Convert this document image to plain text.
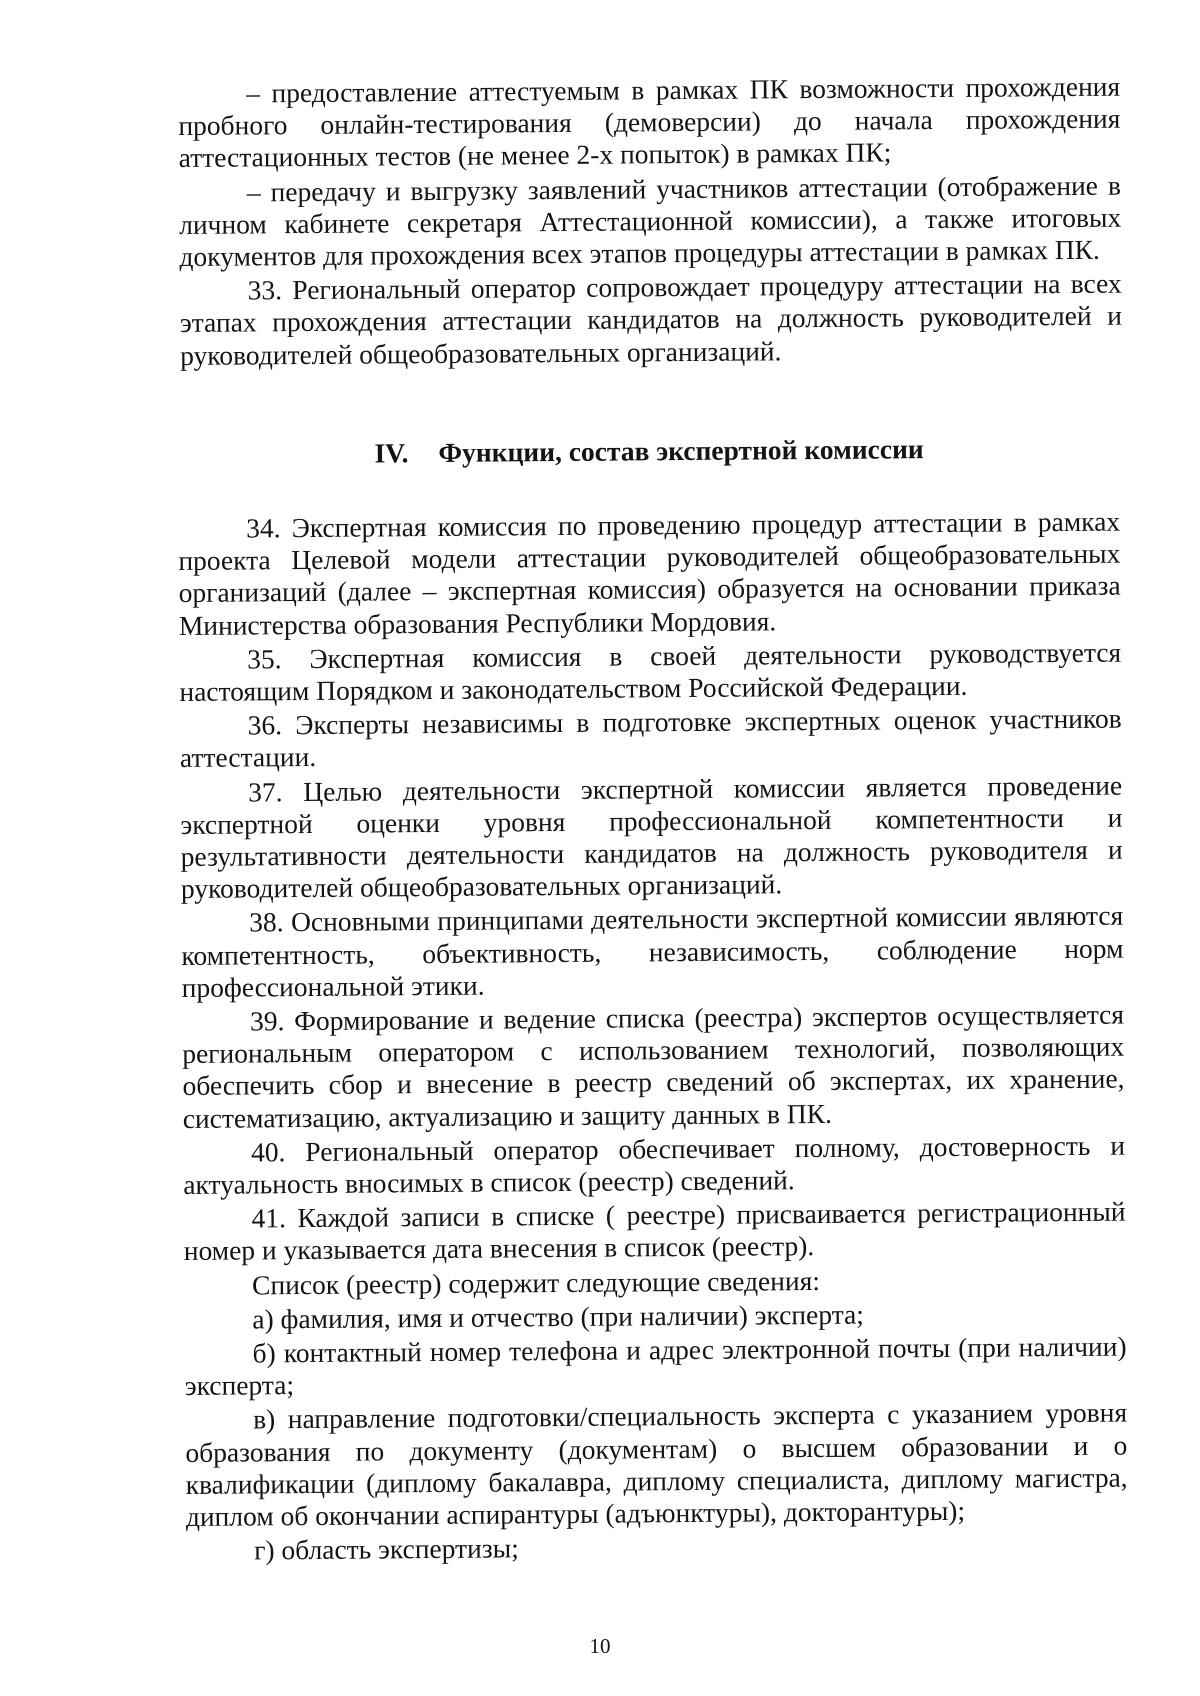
– предоставление аттестуемым в рамках ПК возможности прохождения пробного онлайн-тестирования (демоверсии) до начала прохождения аттестационных тестов (не менее 2-х попыток) в рамках ПК;

– передачу и выгрузку заявлений участников аттестации (отображение в личном кабинете секретаря Аттестационной комиссии), а также итоговых документов для прохождения всех этапов процедуры аттестации в рамках ПК.

33. Региональный оператор сопровождает процедуру аттестации на всех этапах прохождения аттестации кандидатов на должность руководителей и руководителей общеобразовательных организаций.

IV. Функции, состав экспертной комиссии

34. Экспертная комиссия по проведению процедур аттестации в рамках проекта Целевой модели аттестации руководителей общеобразовательных организаций (далее – экспертная комиссия) образуется на основании приказа Министерства образования Республики Мордовия.

35. Экспертная комиссия в своей деятельности руководствуется настоящим Порядком и законодательством Российской Федерации.

36. Эксперты независимы в подготовке экспертных оценок участников аттестации.

37. Целью деятельности экспертной комиссии является проведение экспертной оценки уровня профессиональной компетентности и результативности деятельности кандидатов на должность руководителя и руководителей общеобразовательных организаций.

38. Основными принципами деятельности экспертной комиссии являются компетентность, объективность, независимость, соблюдение норм профессиональной этики.

39. Формирование и ведение списка (реестра) экспертов осуществляется региональным оператором с использованием технологий, позволяющих обеспечить сбор и внесение в реестр сведений об экспертах, их хранение, систематизацию, актуализацию и защиту данных в ПК.

40. Региональный оператор обеспечивает полному, достоверность и актуальность вносимых в список (реестр) сведений.

41. Каждой записи в списке ( реестре) присваивается регистрационный номер и указывается дата внесения в список (реестр).

Список (реестр) содержит следующие сведения:

а) фамилия, имя и отчество (при наличии) эксперта;

б) контактный номер телефона и адрес электронной почты (при наличии) эксперта;

в) направление подготовки/специальность эксперта с указанием уровня образования по документу (документам) о высшем образовании и о квалификации (диплому бакалавра, диплому специалиста, диплому магистра, диплом об окончании аспирантуры (адъюнктуры), докторантуры);

г) область экспертизы;

10
